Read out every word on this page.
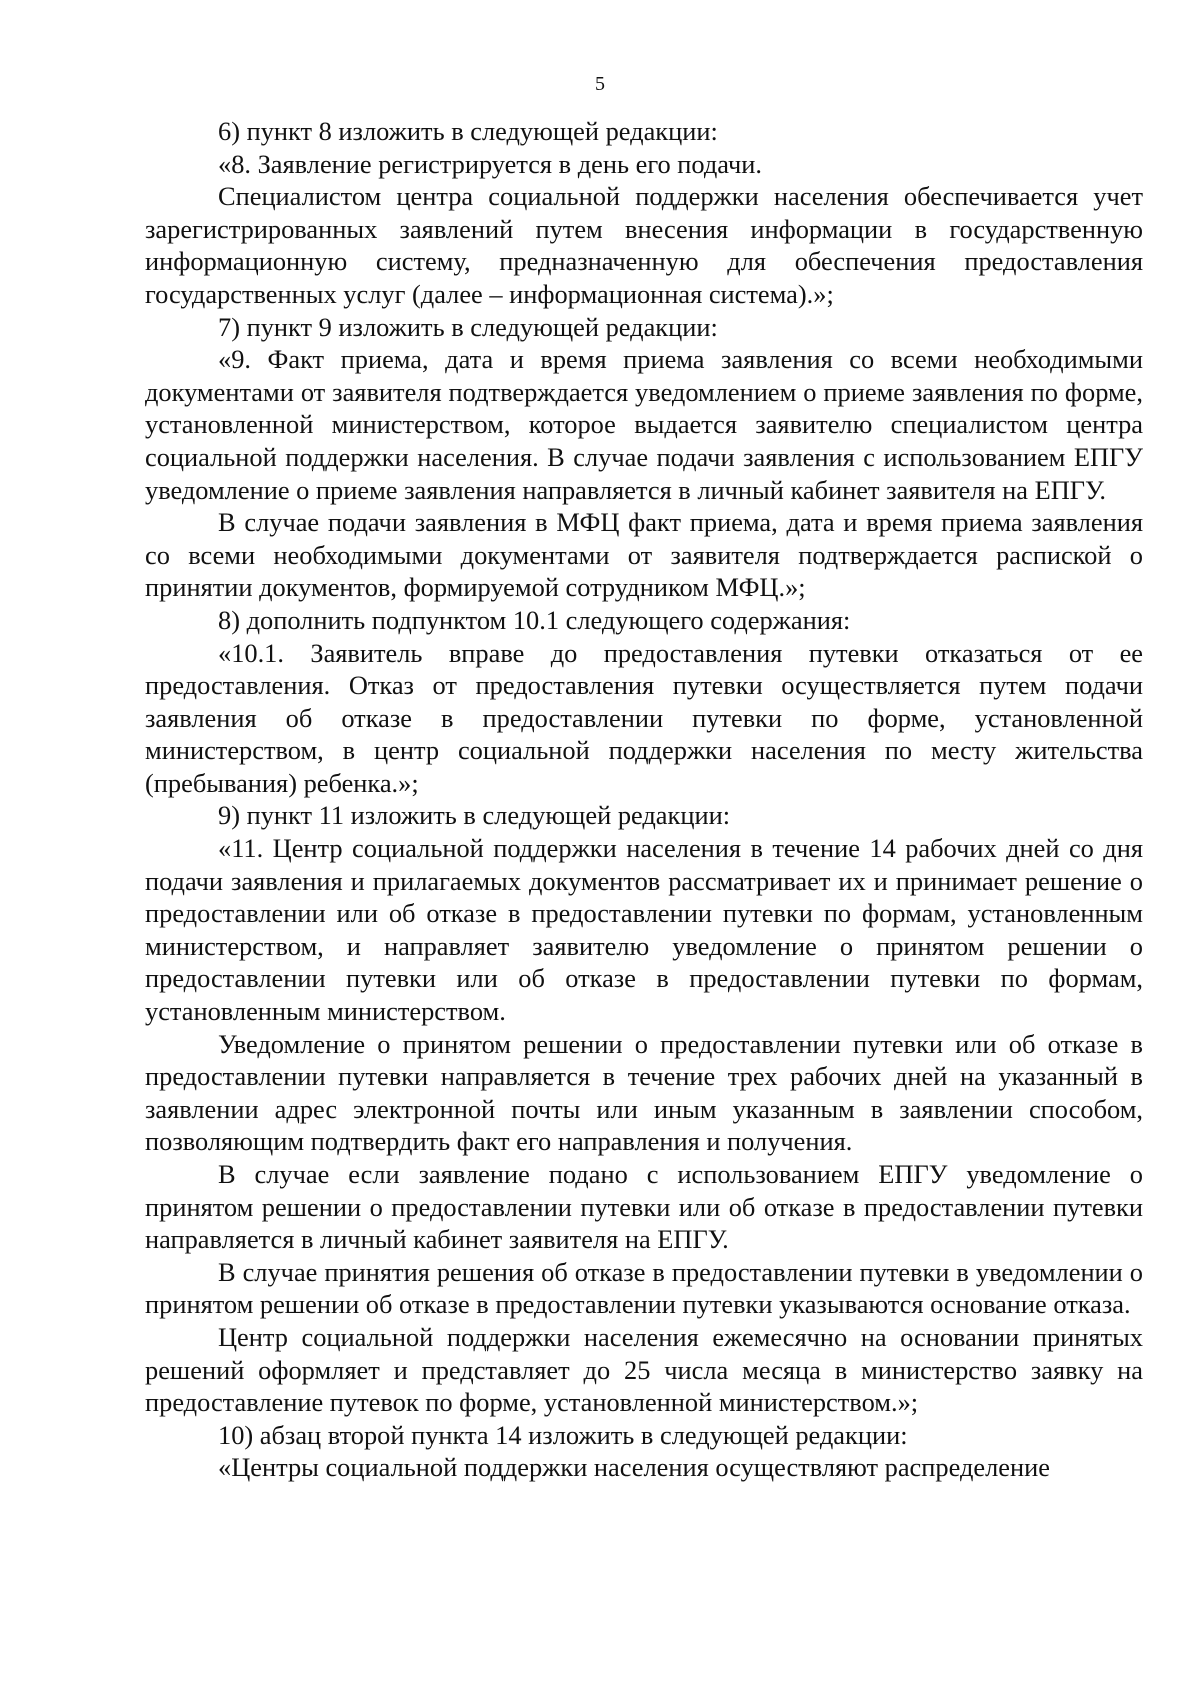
5

6) пункт 8 изложить в следующей редакции:

«8. Заявление регистрируется в день его подачи.

Специалистом центра социальной поддержки населения обеспечивается учет зарегистрированных заявлений путем внесения информации в государственную информационную систему, предназначенную для обеспечения предоставления государственных услуг (далее – информационная система).»;

7) пункт 9 изложить в следующей редакции:

«9. Факт приема, дата и время приема заявления со всеми необходимыми документами от заявителя подтверждается уведомлением о приеме заявления по форме, установленной министерством, которое выдается заявителю специалистом центра социальной поддержки населения. В случае подачи заявления с использованием ЕПГУ уведомление о приеме заявления направляется в личный кабинет заявителя на ЕПГУ.

В случае подачи заявления в МФЦ факт приема, дата и время приема заявления со всеми необходимыми документами от заявителя подтверждается распиской о принятии документов, формируемой сотрудником МФЦ.»;

8) дополнить подпунктом 10.1 следующего содержания:

«10.1. Заявитель вправе до предоставления путевки отказаться от ее предоставления. Отказ от предоставления путевки осуществляется путем подачи заявления об отказе в предоставлении путевки по форме, установленной министерством, в центр социальной поддержки населения по месту жительства (пребывания) ребенка.»;

9) пункт 11 изложить в следующей редакции:

«11. Центр социальной поддержки населения в течение 14 рабочих дней со дня подачи заявления и прилагаемых документов рассматривает их и принимает решение о предоставлении или об отказе в предоставлении путевки по формам, установленным министерством, и направляет заявителю уведомление о принятом решении о предоставлении путевки или об отказе в предоставлении путевки по формам, установленным министерством.

Уведомление о принятом решении о предоставлении путевки или об отказе в предоставлении путевки направляется в течение трех рабочих дней на указанный в заявлении адрес электронной почты или иным указанным в заявлении способом, позволяющим подтвердить факт его направления и получения.

В случае если заявление подано с использованием ЕПГУ уведомление о принятом решении о предоставлении путевки или об отказе в предоставлении путевки направляется в личный кабинет заявителя на ЕПГУ.

В случае принятия решения об отказе в предоставлении путевки в уведомлении о принятом решении об отказе в предоставлении путевки указываются основание отказа.

Центр социальной поддержки населения ежемесячно на основании принятых решений оформляет и представляет до 25 числа месяца в министерство заявку на предоставление путевок по форме, установленной министерством.»;

10) абзац второй пункта 14 изложить в следующей редакции:

«Центры социальной поддержки населения осуществляют распределение
